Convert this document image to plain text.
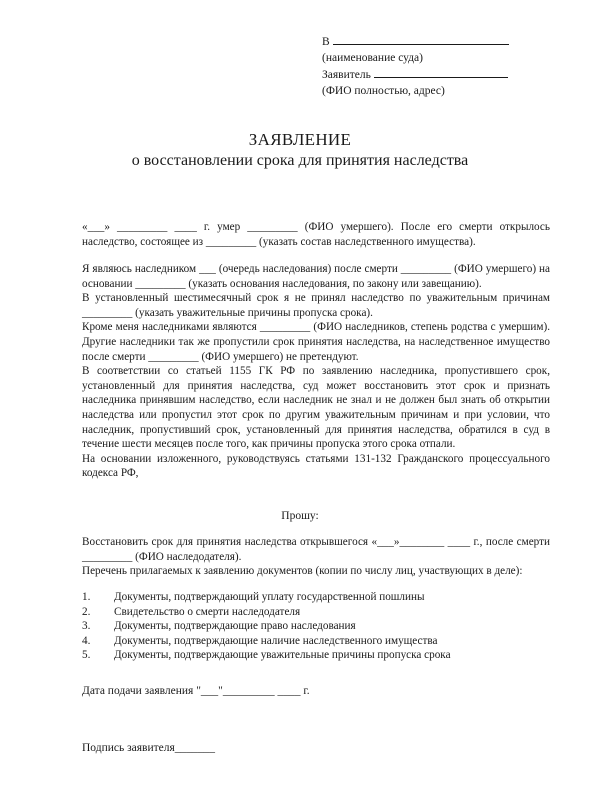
В
(наименование суда)
Заявитель
(ФИО полностью, адрес)
ЗАЯВЛЕНИЕ
о восстановлении срока для принятия наследства

«___» _________ ____ г. умер _________ (ФИО умершего). После его смерти открылось наследство, состоящее из _________ (указать состав наследственного имущества).

Я являюсь наследником ___ (очередь наследования) после смерти _________ (ФИО умершего) на основании _________ (указать основания наследования, по закону или завещанию).

В установленный шестимесячный срок я не принял наследство по уважительным причинам _________ (указать уважительные причины пропуска срока).

Кроме меня наследниками являются _________ (ФИО наследников, степень родства с умершим). Другие наследники так же пропустили срок принятия наследства, на наследственное имущество после смерти _________ (ФИО умершего) не претендуют.

В соответствии со статьей 1155 ГК РФ по заявлению наследника, пропустившего срок, установленный для принятия наследства, суд может восстановить этот срок и признать наследника принявшим наследство, если наследник не знал и не должен был знать об открытии наследства или пропустил этот срок по другим уважительным причинам и при условии, что наследник, пропустивший срок, установленный для принятия наследства, обратился в суд в течение шести месяцев после того, как причины пропуска этого срока отпали.

На основании изложенного, руководствуясь статьями 131-132 Гражданского процессуального кодекса РФ,

Прошу:

Восстановить срок для принятия наследства открывшегося «___»________ ____ г., после смерти _________ (ФИО наследодателя).

Перечень прилагаемых к заявлению документов (копии по числу лиц, участвующих в деле):

1.	Документы, подтверждающий уплату государственной пошлины
2.	Свидетельство о смерти наследодателя
3.	Документы, подтверждающие право наследования
4.	Документы, подтверждающие наличие наследственного имущества
5.	Документы, подтверждающие уважительные причины пропуска срока
Дата подачи заявления "___"_________ ____ г.
Подпись заявителя_______
